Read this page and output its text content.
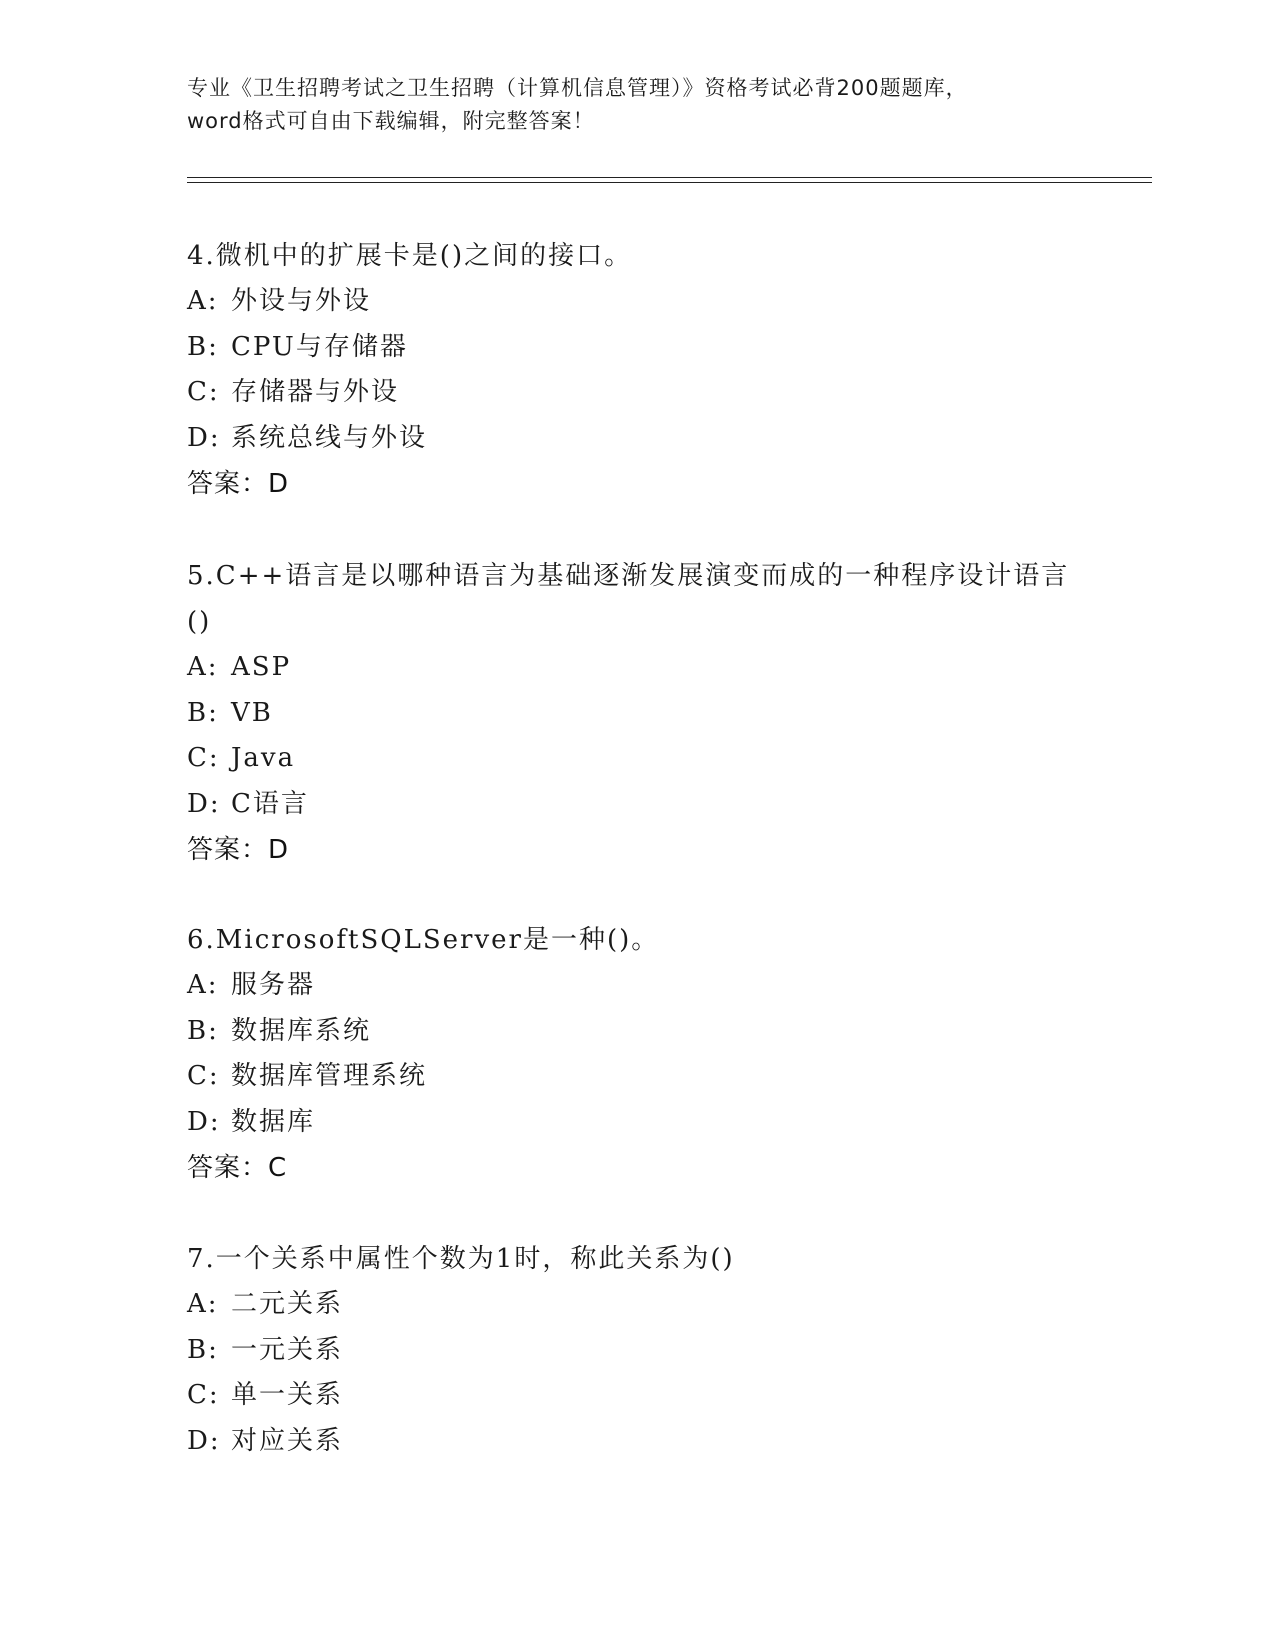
专业《卫生招聘考试之卫生招聘（计算机信息管理）》资格考试必背200题题库，
word格式可自由下载编辑，附完整答案！

4.微机中的扩展卡是()之间的接口。

A: 外设与外设

B: CPU与存储器

C: 存储器与外设

D: 系统总线与外设

答案：D

5.C++语言是以哪种语言为基础逐渐发展演变而成的一种程序设计语言()

A: ASP

B: VB

C: Java

D: C语言

答案：D

6.MicrosoftSQLServer是一种()。

A: 服务器

B: 数据库系统

C: 数据库管理系统

D: 数据库

答案：C

7.一个关系中属性个数为1时，称此关系为()

A: 二元关系

B: 一元关系

C: 单一关系

D: 对应关系
